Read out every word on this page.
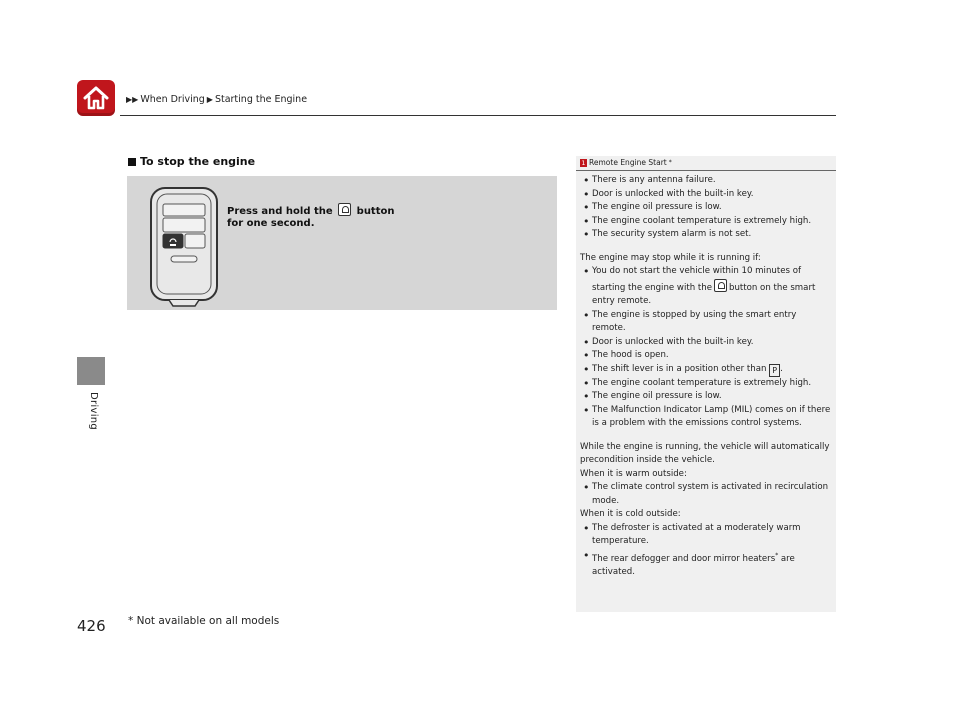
▶▶ When Driving ▶ Starting the Engine
Driving
To stop the engine
Press and hold the button
for one second.
1 Remote Engine Start *
• There is any antenna failure.
• Door is unlocked with the built-in key.
• The engine oil pressure is low.
• The engine coolant temperature is extremely high.
• The security system alarm is not set.
The engine may stop while it is running if:
• You do not start the vehicle within 10 minutes of starting the engine with the button on the smart entry remote.
• The engine is stopped by using the smart entry remote.
• Door is unlocked with the built-in key.
• The hood is open.
• The shift lever is in a position other than P .
• The engine coolant temperature is extremely high.
• The engine oil pressure is low.
• The Malfunction Indicator Lamp (MIL) comes on if there is a problem with the emissions control systems.
While the engine is running, the vehicle will automatically precondition inside the vehicle.
When it is warm outside:
• The climate control system is activated in recirculation mode.
When it is cold outside:
• The defroster is activated at a moderately warm temperature.
• The rear defogger and door mirror heaters* are activated.
426 * Not available on all models
